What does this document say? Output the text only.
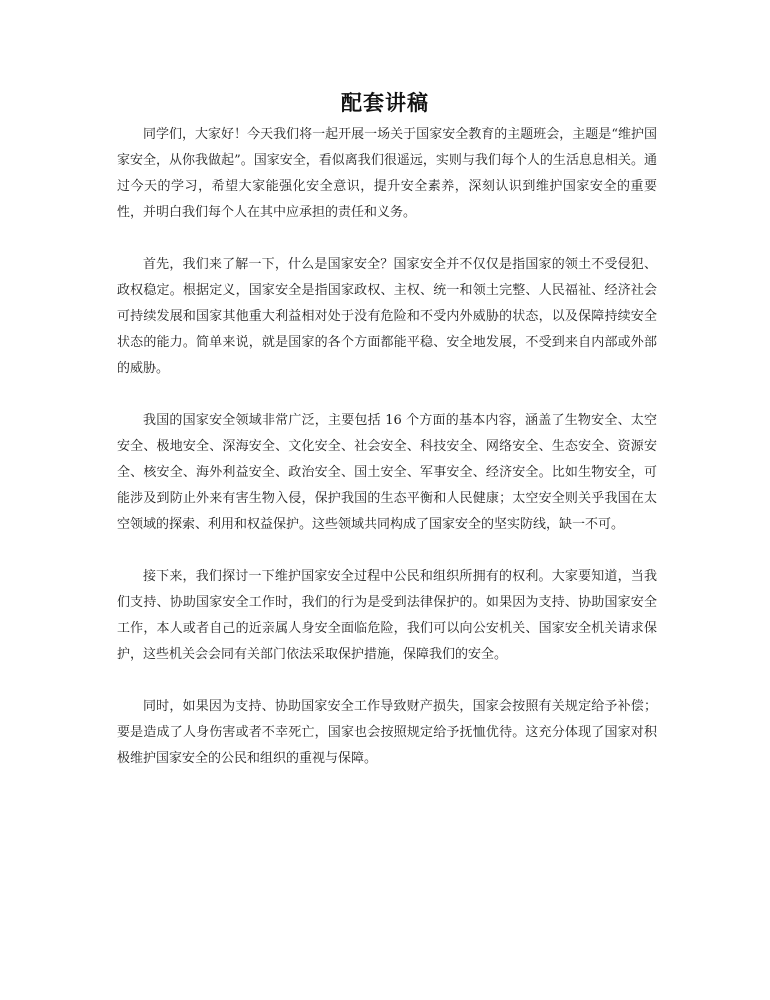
配套讲稿

同学们，大家好！今天我们将一起开展一场关于国家安全教育的主题班会，主题是“维护国家安全，从你我做起”。国家安全，看似离我们很遥远，实则与我们每个人的生活息息相关。通过今天的学习，希望大家能强化安全意识，提升安全素养，深刻认识到维护国家安全的重要性，并明白我们每个人在其中应承担的责任和义务。

首先，我们来了解一下，什么是国家安全？国家安全并不仅仅是指国家的领土不受侵犯、政权稳定。根据定义，国家安全是指国家政权、主权、统一和领土完整、人民福祉、经济社会可持续发展和国家其他重大利益相对处于没有危险和不受内外威胁的状态，以及保障持续安全状态的能力。简单来说，就是国家的各个方面都能平稳、安全地发展，不受到来自内部或外部的威胁。

我国的国家安全领域非常广泛，主要包括 16 个方面的基本内容，涵盖了生物安全、太空安全、极地安全、深海安全、文化安全、社会安全、科技安全、网络安全、生态安全、资源安全、核安全、海外利益安全、政治安全、国土安全、军事安全、经济安全。比如生物安全，可能涉及到防止外来有害生物入侵，保护我国的生态平衡和人民健康；太空安全则关乎我国在太空领域的探索、利用和权益保护。这些领域共同构成了国家安全的坚实防线，缺一不可。

接下来，我们探讨一下维护国家安全过程中公民和组织所拥有的权利。大家要知道，当我们支持、协助国家安全工作时，我们的行为是受到法律保护的。如果因为支持、协助国家安全工作，本人或者自己的近亲属人身安全面临危险，我们可以向公安机关、国家安全机关请求保护，这些机关会会同有关部门依法采取保护措施，保障我们的安全。

同时，如果因为支持、协助国家安全工作导致财产损失，国家会按照有关规定给予补偿；要是造成了人身伤害或者不幸死亡，国家也会按照规定给予抚恤优待。这充分体现了国家对积极维护国家安全的公民和组织的重视与保障。
